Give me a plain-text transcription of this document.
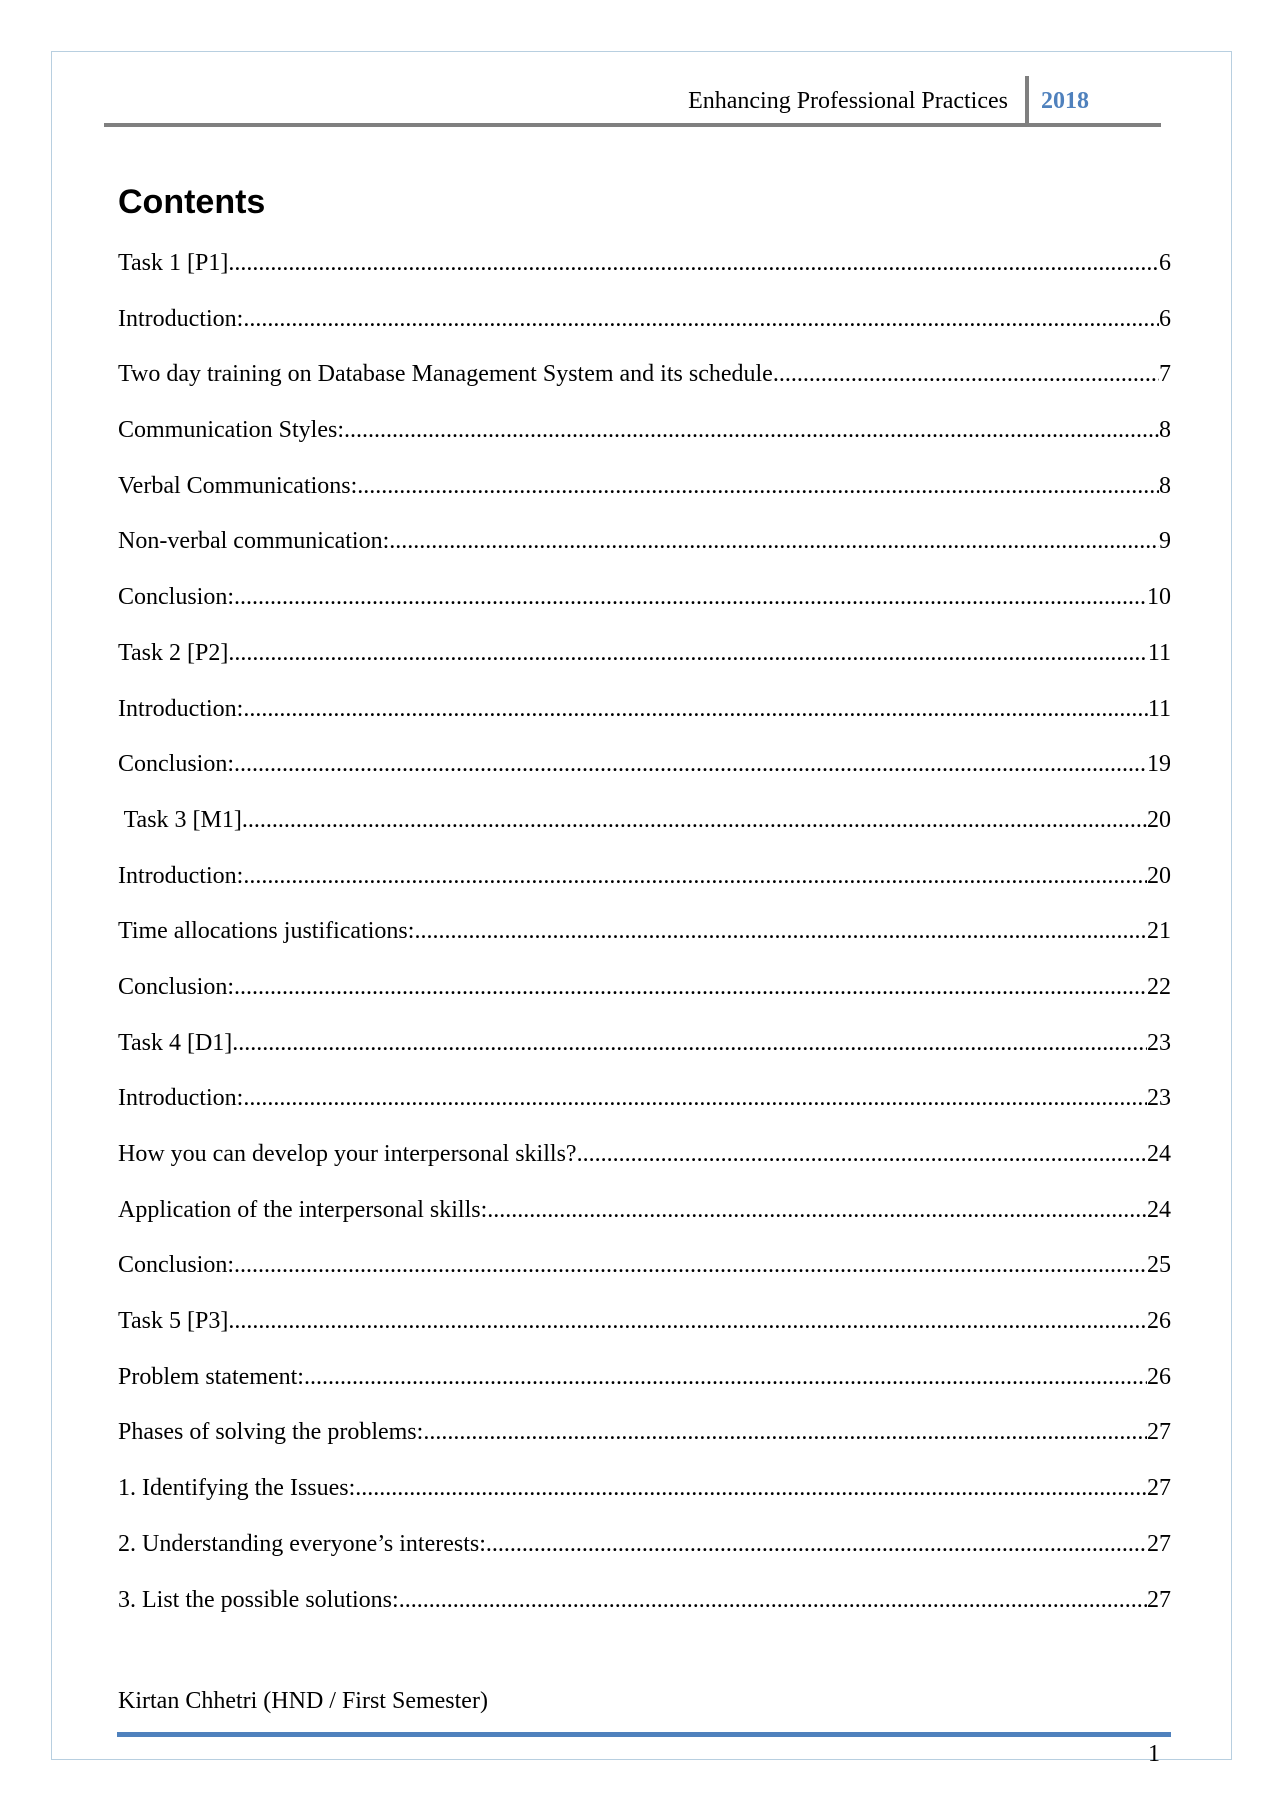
Enhancing Professional Practices 2018
Contents
Task 1 [P1] .....	6
Introduction: .....	6
Two day training on Database Management System and its schedule. .....	7
Communication Styles: .....	8
Verbal Communications: .....	8
Non-verbal communication: .....	9
Conclusion: .....	10
Task 2 [P2] .....	11
Introduction: .....	11
Conclusion: .....	19
Task 3 [M1] .....	20
Introduction: .....	20
Time allocations justifications: .....	21
Conclusion: .....	22
Task 4 [D1] .....	23
Introduction: .....	23
How you can develop your interpersonal skills? .....	24
Application of the interpersonal skills: .....	24
Conclusion: .....	25
Task 5 [P3] .....	26
Problem statement: .....	26
Phases of solving the problems: .....	27
1. Identifying the Issues: .....	27
2. Understanding everyone’s interests: .....	27
3. List the possible solutions: .....	27
Kirtan Chhetri (HND / First Semester)
1
